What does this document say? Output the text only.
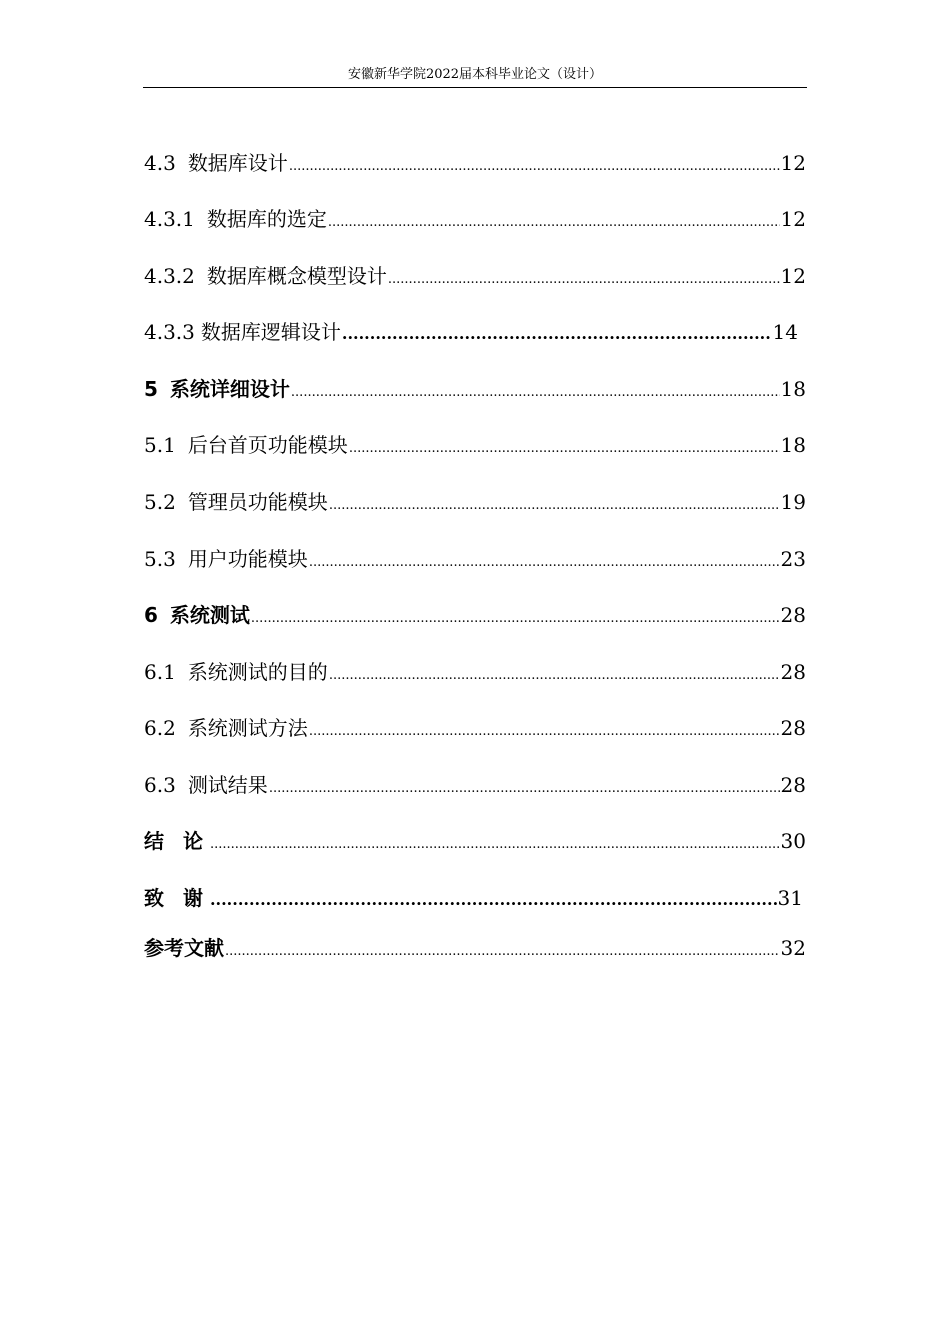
安徽新华学院2022届本科毕业论文（设计）
4.3 数据库设计 .....	12
4.3.1 数据库的选定 .....	12
4.3.2 数据库概念模型设计 .....	12
4.3.3 数据库逻辑设计 .....	14
5 系统详细设计 .....	18
5.1 后台首页功能模块 .....	18
5.2 管理员功能模块 .....	19
5.3 用户功能模块 .....	23
6 系统测试 .....	28
6.1 系统测试的目的 .....	28
6.2 系统测试方法 .....	28
6.3 测试结果 .....	28
结 论 .....	30
致 谢 .....	31
参考文献 .....	32
